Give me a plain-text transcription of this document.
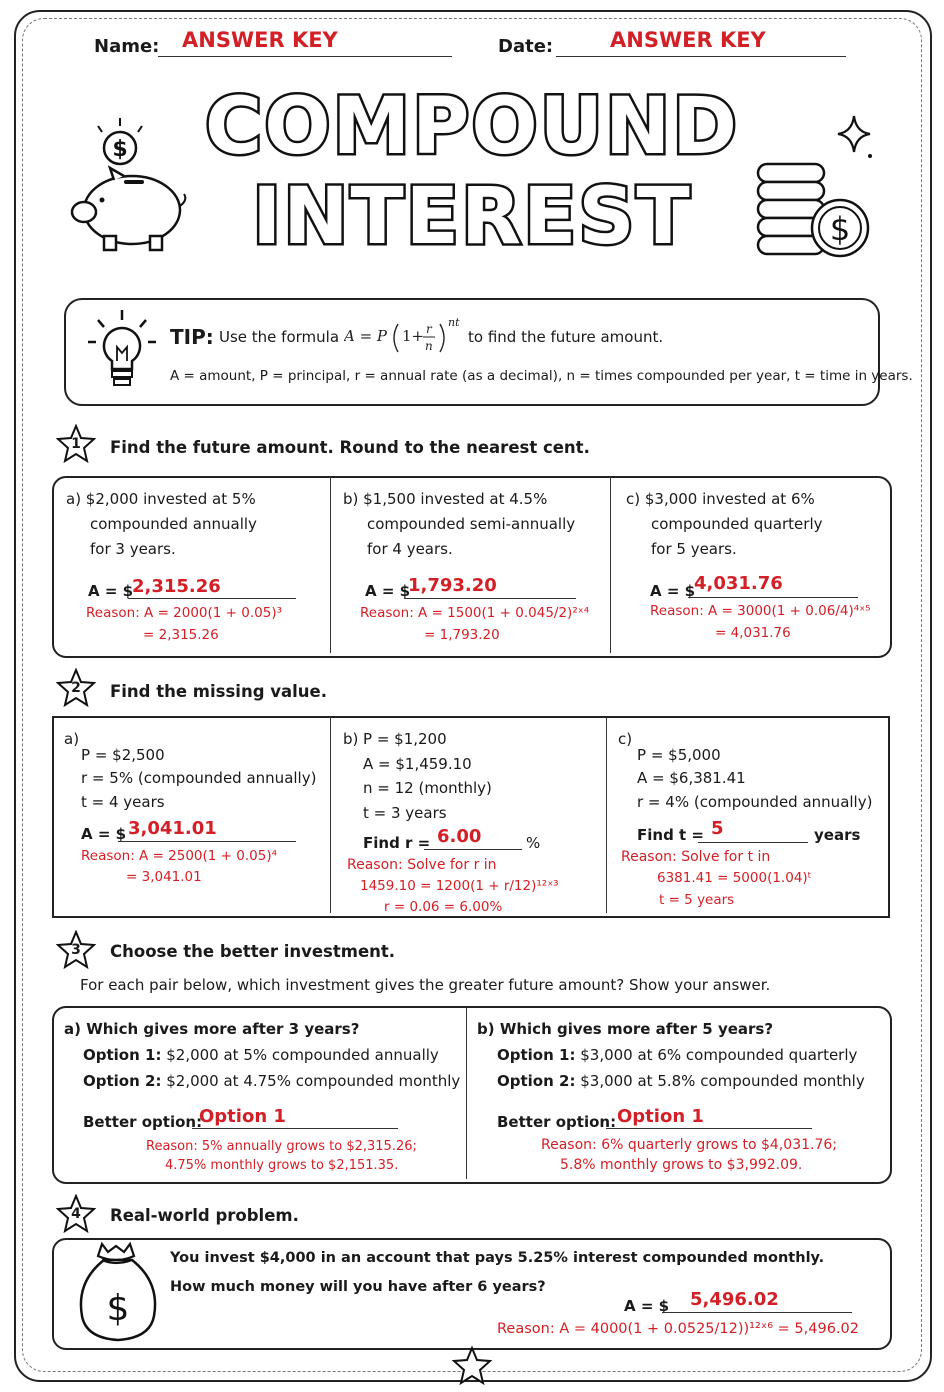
Name: ANSWER KEY	Date:	ANSWER KEY
COMPOUND
INTEREST
$
$
TIP: Use the formula A = P 1+ r
n
nt
to find the future amount.
A = amount, P = principal, r = annual rate (as a decimal), n = times compounded per year, t = time in years.
1	Find the future amount. Round to the nearest cent.
a) $2,000 invested at 5%
compounded annually
for 3 years.
A = $
2,315.26
Reason: A = 2000(1 + 0.05)³
= 2,315.26
b) $1,500 invested at 4.5%
compounded semi-annually
for 4 years.
A = $
1,793.20
Reason: A = 1500(1 + 0.045/2)²ˣ⁴
= 1,793.20
c) $3,000 invested at 6%
compounded quarterly
for 5 years.
A = $
4,031.76
Reason: A = 3000(1 + 0.06/4)⁴ˣ⁵
= 4,031.76
2	Find the missing value.
a)
P = $2,500
r = 5% (compounded annually)
t = 4 years
A = $ 3,041.01
Reason: A = 2500(1 + 0.05)⁴
= 3,041.01
b) P = $1,200
A = $1,459.10
n = 12 (monthly)
t = 3 years
Find r = 6.00	%
Reason: Solve for r in
1459.10 = 1200(1 + r/12)¹²ˣ³
r = 0.06 = 6.00%
c)
P = $5,000
A = $6,381.41
r = 4% (compounded annually)
Find t = 5	years
Reason: Solve for t in
6381.41 = 5000(1.04)ᵗ
t = 5 years
3	Choose the better investment.
For each pair below, which investment gives the greater future amount? Show your answer.
a) Which gives more after 3 years?
Option 1: $2,000 at 5% compounded annually
Option 2: $2,000 at 4.75% compounded monthly
Better option:
Option 1
Reason: 5% annually grows to $2,315.26;
4.75% monthly grows to $2,151.35.
b) Which gives more after 5 years?
Option 1: $3,000 at 6% compounded quarterly
Option 2: $3,000 at 5.8% compounded monthly
Better option: Option 1
Reason: 6% quarterly grows to $4,031.76;
5.8% monthly grows to $3,992.09.
4	Real-world problem.
$
You invest $4,000 in an account that pays 5.25% interest compounded monthly.
How much money will you have after 6 years?
A = $ 5,496.02
Reason: A = 4000(1 + 0.0525/12))¹²ˣ⁶ = 5,496.02
